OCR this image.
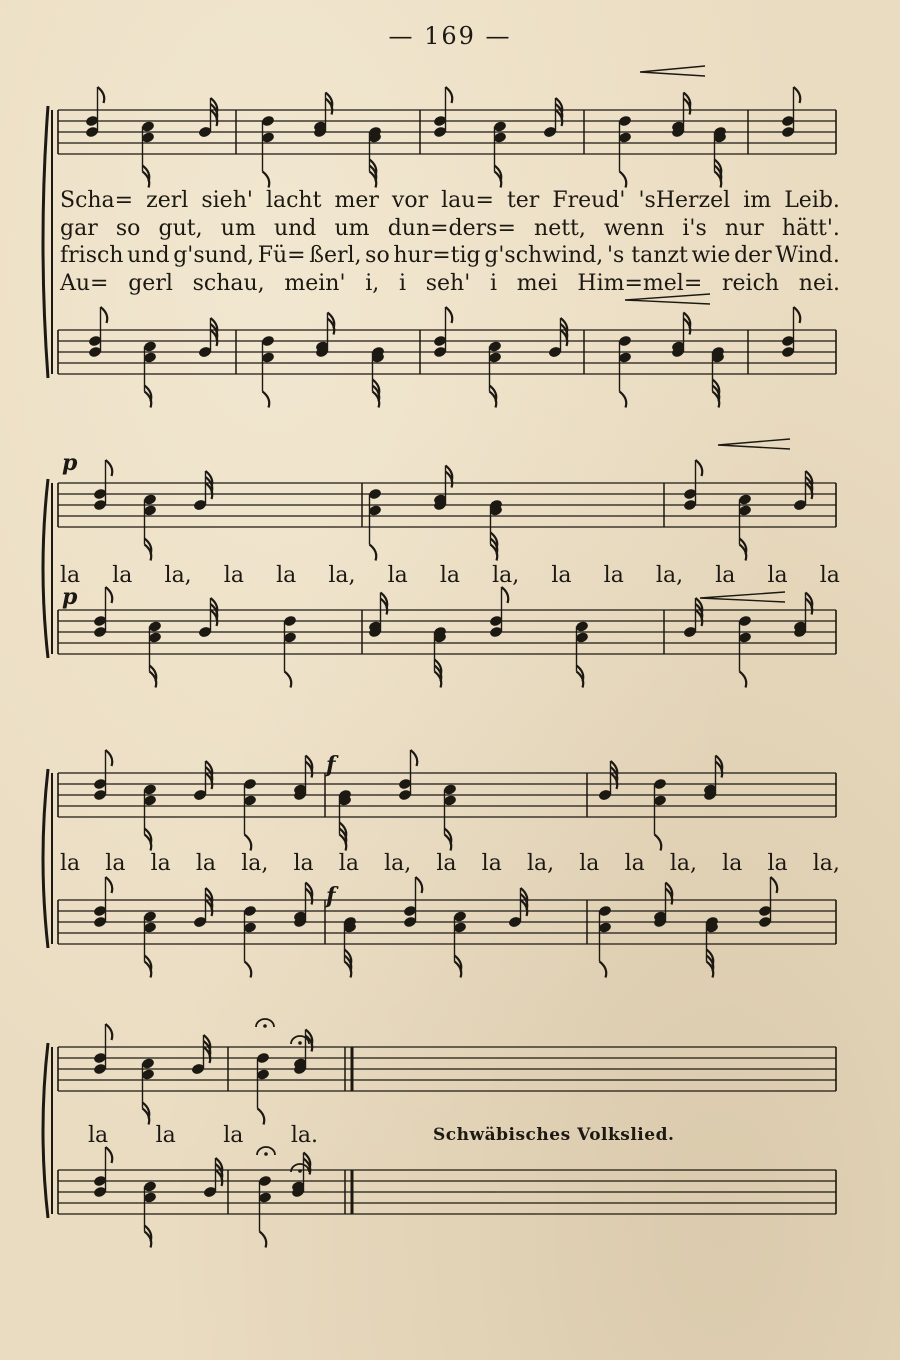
— 169 —
p
p
f
f
Scha= zerl sieh' lacht mer vor lau= ter Freud' 'sHerzel im Leib.
gar so gut, um und um dun=ders= nett, wenn i's nur hätt'.
frisch und g'sund, Fü= ßerl, so hur=tig g'schwind, 's tanzt wie der Wind.
Au= gerl schau, mein' i, i seh' i mei Him=mel= reich nei.
la la la, la la la, la la la, la la la, la la la
la la la la la, la la la, la la la, la la la, la la la,
la la la la.	Schwäbisches Volkslied.
